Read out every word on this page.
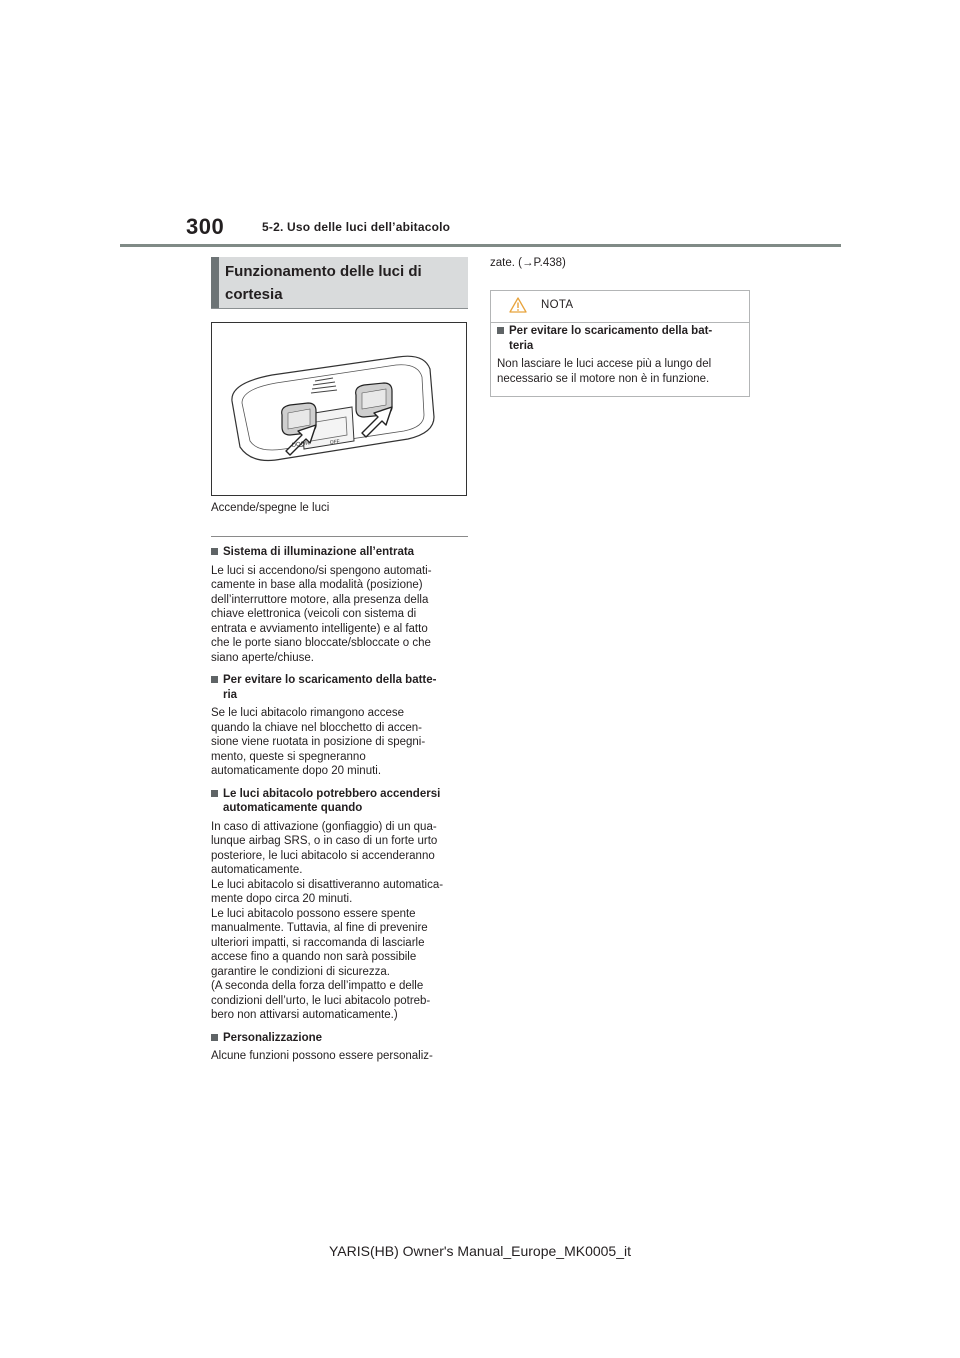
300	5-2. Uso delle luci dell’abitacolo
Funzionamento delle luci di cortesia
DOOR	OFF
Accende/spegne le luci
Sistema di illuminazione all’entrata
Le luci si accendono/si spengono automati-
camente in base alla modalità (posizione)
dell’interruttore motore, alla presenza della
chiave elettronica (veicoli con sistema di
entrata e avviamento intelligente) e al fatto
che le porte siano bloccate/sbloccate o che
siano aperte/chiuse.
Per evitare lo scaricamento della batte-
ria
Se le luci abitacolo rimangono accese
quando la chiave nel blocchetto di accen-
sione viene ruotata in posizione di spegni-
mento, queste si spegneranno
automaticamente dopo 20 minuti.
Le luci abitacolo potrebbero accendersi
automaticamente quando
In caso di attivazione (gonfiaggio) di un qua-
lunque airbag SRS, o in caso di un forte urto
posteriore, le luci abitacolo si accenderanno
automaticamente.
Le luci abitacolo si disattiveranno automatica-
mente dopo circa 20 minuti.
Le luci abitacolo possono essere spente
manualmente. Tuttavia, al fine di prevenire
ulteriori impatti, si raccomanda di lasciarle
accese fino a quando non sarà possibile
garantire le condizioni di sicurezza.
(A seconda della forza dell’impatto e delle
condizioni dell’urto, le luci abitacolo potreb-
bero non attivarsi automaticamente.)
Personalizzazione
Alcune funzioni possono essere personaliz-
zate. (→P.438)
NOTA
Per evitare lo scaricamento della bat-
teria
Non lasciare le luci accese più a lungo del
necessario se il motore non è in funzione.
YARIS(HB) Owner's Manual_Europe_MK0005_it
